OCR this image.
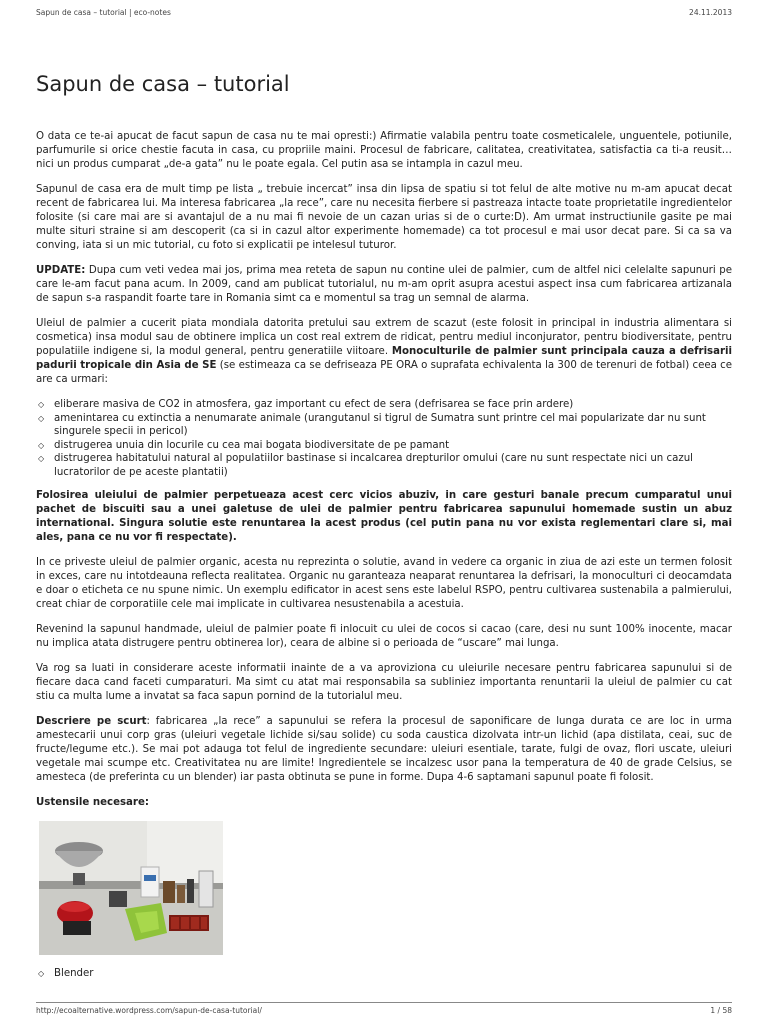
Sapun de casa – tutorial | eco-notes	24.11.2013
Sapun de casa – tutorial

O data ce te-ai apucat de facut sapun de casa nu te mai opresti:) Afirmatie valabila pentru toate cosmeticalele, unguentele, potiunile, parfumurile si orice chestie facuta in casa, cu propriile maini. Procesul de fabricare, calitatea, creativitatea, satisfactia ca ti-a reusit… nici un produs cumparat „de-a gata” nu le poate egala. Cel putin asa se intampla in cazul meu.

Sapunul de casa era de mult timp pe lista „ trebuie incercat” insa din lipsa de spatiu si tot felul de alte motive nu m-am apucat decat recent de fabricarea lui. Ma interesa fabricarea „la rece”, care nu necesita fierbere si pastreaza intacte toate proprietatile ingredientelor folosite (si care mai are si avantajul de a nu mai fi nevoie de un cazan urias si de o curte:D). Am urmat instructiunile gasite pe mai multe situri straine si am descoperit (ca si in cazul altor experimente homemade) ca tot procesul e mai usor decat pare. Si ca sa va conving, iata si un mic tutorial, cu foto si explicatii pe intelesul tuturor.

UPDATE: Dupa cum veti vedea mai jos, prima mea reteta de sapun nu contine ulei de palmier, cum de altfel nici celelalte sapunuri pe care le-am facut pana acum. In 2009, cand am publicat tutorialul, nu m-am oprit asupra acestui aspect insa cum fabricarea artizanala de sapun s-a raspandit foarte tare in Romania simt ca e momentul sa trag un semnal de alarma.

Uleiul de palmier a cucerit piata mondiala datorita pretului sau extrem de scazut (este folosit in principal in industria alimentara si cosmetica) insa modul sau de obtinere implica un cost real extrem de ridicat, pentru mediul inconjurator, pentru biodiversitate, pentru populatiile indigene si, la modul general, pentru generatiile viitoare. Monoculturile de palmier sunt principala cauza a defrisarii padurii tropicale din Asia de SE (se estimeaza ca se defriseaza PE ORA o suprafata echivalenta la 300 de terenuri de fotbal) ceea ce are ca urmari:

◇ eliberare masiva de CO2 in atmosfera, gaz important cu efect de sera (defrisarea se face prin ardere)
◇ amenintarea cu extinctia a nenumarate animale (urangutanul si tigrul de Sumatra sunt printre cel mai popularizate dar nu sunt singurele specii in pericol)
◇ distrugerea unuia din locurile cu cea mai bogata biodiversitate de pe pamant
◇ distrugerea habitatului natural al populatiilor bastinase si incalcarea drepturilor omului (care nu sunt respectate nici un cazul lucratorilor de pe aceste plantatii)

Folosirea uleiului de palmier perpetueaza acest cerc vicios abuziv, in care gesturi banale precum cumparatul unui pachet de biscuiti sau a unei galetuse de ulei de palmier pentru fabricarea sapunului homemade sustin un abuz international. Singura solutie este renuntarea la acest produs (cel putin pana nu vor exista reglementari clare si, mai ales, pana ce nu vor fi respectate).

In ce priveste uleiul de palmier organic, acesta nu reprezinta o solutie, avand in vedere ca organic in ziua de azi este un termen folosit in exces, care nu intotdeauna reflecta realitatea. Organic nu garanteaza neaparat renuntarea la defrisari, la monoculturi ci deocamdata e doar o eticheta ce nu spune nimic. Un exemplu edificator in acest sens este labelul RSPO, pentru cultivarea sustenabila a palmierului, creat chiar de corporatiile cele mai implicate in cultivarea nesustenabila a acestuia.

Revenind la sapunul handmade, uleiul de palmier poate fi inlocuit cu ulei de cocos si cacao (care, desi nu sunt 100% inocente, macar nu implica atata distrugere pentru obtinerea lor), ceara de albine si o perioada de “uscare” mai lunga.

Va rog sa luati in considerare aceste informatii inainte de a va aproviziona cu uleiurile necesare pentru fabricarea sapunului si de fiecare daca cand faceti cumparaturi. Ma simt cu atat mai responsabila sa subliniez importanta renuntarii la uleiul de palmier cu cat stiu ca multa lume a invatat sa faca sapun pornind de la tutorialul meu.

Descriere pe scurt: fabricarea „la rece” a sapunului se refera la procesul de saponificare de lunga durata ce are loc in urma amestecarii unui corp gras (uleiuri vegetale lichide si/sau solide) cu soda caustica dizolvata intr-un lichid (apa distilata, ceai, suc de fructe/legume etc.). Se mai pot adauga tot felul de ingrediente secundare: uleiuri esentiale, tarate, fulgi de ovaz, flori uscate, uleiuri vegetale mai scumpe etc. Creativitatea nu are limite! Ingredientele se incalzesc usor pana la temperatura de 40 de grade Celsius, se amesteca (de preferinta cu un blender) iar pasta obtinuta se pune in forme. Dupa 4-6 saptamani sapunul poate fi folosit.

Ustensile necesare:

◇ Blender
http://ecoalternative.wordpress.com/sapun-de-casa-tutorial/	1 / 58
